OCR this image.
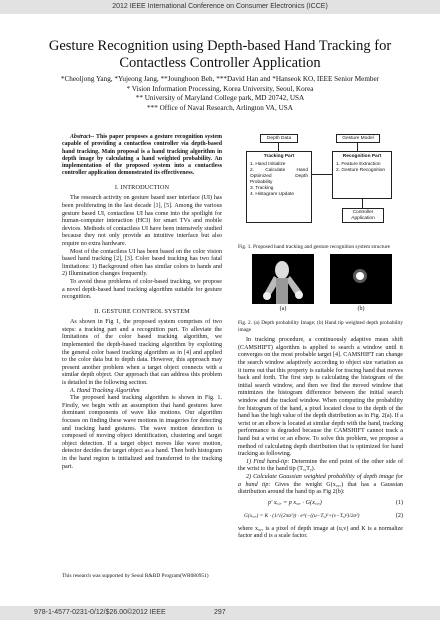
2012 IEEE International Conference on Consumer Electronics (ICCE)
Gesture Recognition using Depth-based Hand Tracking for
Contactless Controller Application
*Cheoljong Yang, *Yujeong Jang, **Jounghoon Beh, ***David Han and *Hanseok KO, IEEE Senior Member
* Vision Information Processing, Korea University, Seoul, Korea
** University of Maryland College park, MD 20742, USA
*** Office of Naval Research, Arlington VA, USA

Abstract-- This paper proposes a gesture recognition system capable of providing a contactless controller via depth-based hand tracking. Main proposal is a hand tracking algorithm in depth image by calculating a hand weighted probability. An implementation of the proposed system into a contactless controller application demonstrated its effectiveness.

I. INTRODUCTION

The research activity on gesture based user interface (UI) has been proliferating in the last decade [1], [5]. Among the various gesture based UI, contactless UI has come into the spotlight for human-computer interaction (HCI) for smart TVs and mobile devices. Methods of contactless UI have been intensively studied because they not only provide an intuitive interface but also require no extra hardware.

Most of the contactless UI has been based on the color vision based hand tracking [2], [3]. Color based tracking has two fatal limitations: 1) Background often has similar colors to hands and 2) Illumination changes frequently.

To avoid these problems of color-based tracking, we propose a novel depth-based hand tracking algorithm suitable for gesture recognition.

II. GESTURE CONTROL SYSTEM

As shown in Fig 1, the proposed system comprises of two steps: a tracking part and a recognition part. To alleviate the limitations of the color based tracking algorithm, we implemented the depth-based tracking algorithm by exploiting the general color based tracking algorithm as in [4] and applied to the color data but to depth data. However, this approach may present another problem when a target object connects with a similar depth object. Our approach that can address this problem is detailed in the following section.

A. Hand Tracking Algorithm

The proposed hand tracking algorithm is shown in Fig. 1. Firstly, we begin with an assumption that hand gestures have dominant components of wave like motions. Our algorithm focuses on finding these wave motions in imageries for detecting and tracking hand gestures. The wave motion detection is composed of moving object identification, clustering and target object detection. If a target object moves like wave motion, detector decides the target object as a hand. Then both histogram in the hand region is initialized and transferred to the tracking part.

Depth Data	Gesture Model
Tracking Part
1. Hand Initialize
2. Calculate Hand Optimized Depth Probability
3. Tracking
4. Histogram Update
Recognition Part
1. Feature Extraction
2. Gesture Recognition
Controller Application
Fig. 1. Proposed hand tracking and gesture recognition system structure
(a)	(b)
Fig. 2. (a) Depth probability Image; (b) Hand tip weighted depth probability image

In tracking procedure, a continuously adaptive mean shift (CAMSHIFT) algorithm is applied to search a window until it converges on the most probable target [4]. CAMSHIFT can change the search window adaptively according to object size variation as it turns out that this property is suitable for tracing hand that moves back and forth. The first step is calculating the histogram of the initial search window, and then we find the moved window that minimizes the histogram difference between the initial search window and the tracked window. When computing the probability for histogram of the hand, a pixel located close to the depth of the hand has the high value of the depth distribution as in Fig. 2(a). If a wrist or an elbow is located at similar depth with the hand, tracking performance is degraded because the CAMSHIFT cannot track a hand but a wrist or an elbow. To solve this problem, we propose a method of calculating depth distribution that is optimized for hand tracking as following.

1) Find hand-tip: Determine the end point of the other side of the wrist to the hand tip (Tₓ,Tᵧ).

2) Calculate Gaussian weighted probability of depth image for a hand tip: Gives the weight G(xᵤ,ᵥ) that has a Gaussian distribution around the hand tip as Fig 2(b):

p′ xᵤ,ᵥ = p xᵤ,ᵥ · G(xᵤ,ᵥ)	(1)
G(xᵤ,ᵥ) = K · (1/√(2πσ²)) · e^(−((u−Tₓ)²+(v−Tᵧ)²)/2σ²)	(2)

where xᵤ,ᵥ is a pixel of depth image at (u,v) and K is a normalize factor and d is a scale factor.

This research was supported by Seoul R&BD Program(WR080951)
978-1-4577-0231-0/12/$26.00©2012 IEEE	297
